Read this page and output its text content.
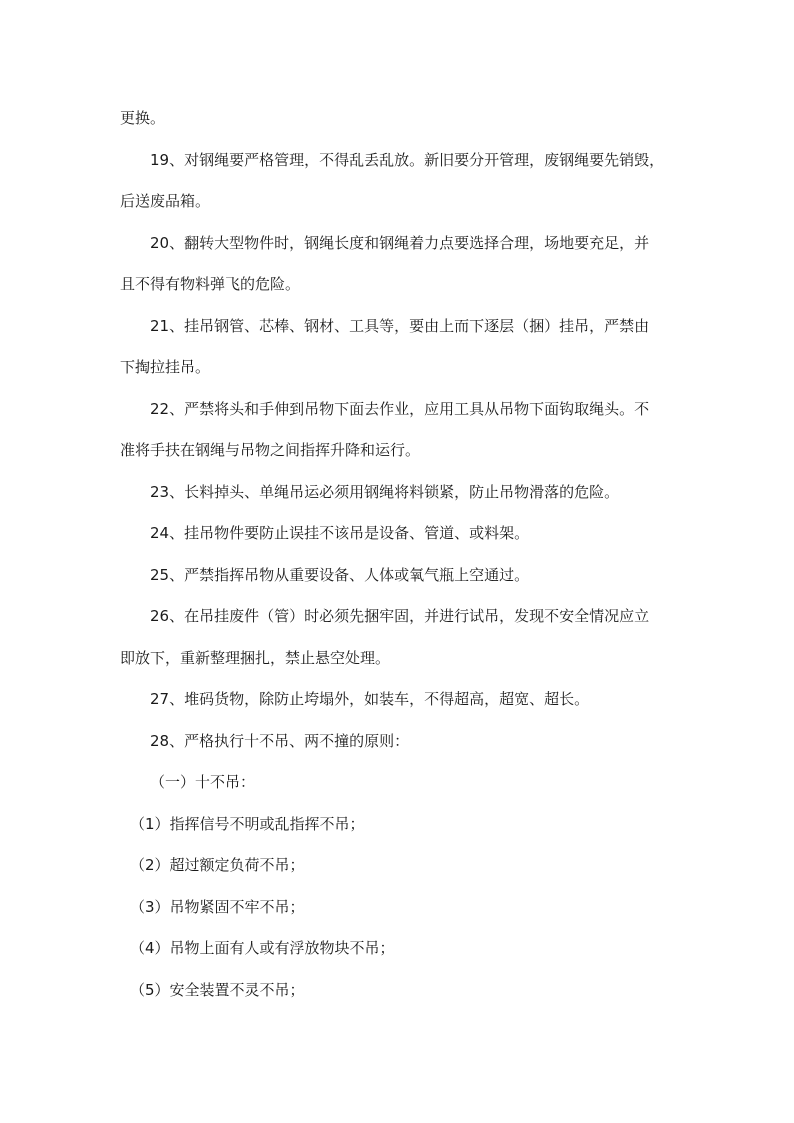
更换。
19、对钢绳要严格管理，不得乱丢乱放。新旧要分开管理，废钢绳要先销毁，
后送废品箱。
20、翻转大型物件时，钢绳长度和钢绳着力点要选择合理，场地要充足，并
且不得有物料弹飞的危险。
21、挂吊钢管、芯棒、钢材、工具等，要由上而下逐层（捆）挂吊，严禁由
下掏拉挂吊。
22、严禁将头和手伸到吊物下面去作业，应用工具从吊物下面钩取绳头。不
准将手扶在钢绳与吊物之间指挥升降和运行。
23、长料掉头、单绳吊运必须用钢绳将料锁紧，防止吊物滑落的危险。
24、挂吊物件要防止误挂不该吊是设备、管道、或料架。
25、严禁指挥吊物从重要设备、人体或氧气瓶上空通过。
26、在吊挂废件（管）时必须先捆牢固，并进行试吊，发现不安全情况应立
即放下，重新整理捆扎，禁止悬空处理。
27、堆码货物，除防止垮塌外，如装车，不得超高，超宽、超长。
28、严格执行十不吊、两不撞的原则：
（一）十不吊：
（1）指挥信号不明或乱指挥不吊；
（2）超过额定负荷不吊；
（3）吊物紧固不牢不吊；
（4）吊物上面有人或有浮放物块不吊；
（5）安全装置不灵不吊；
